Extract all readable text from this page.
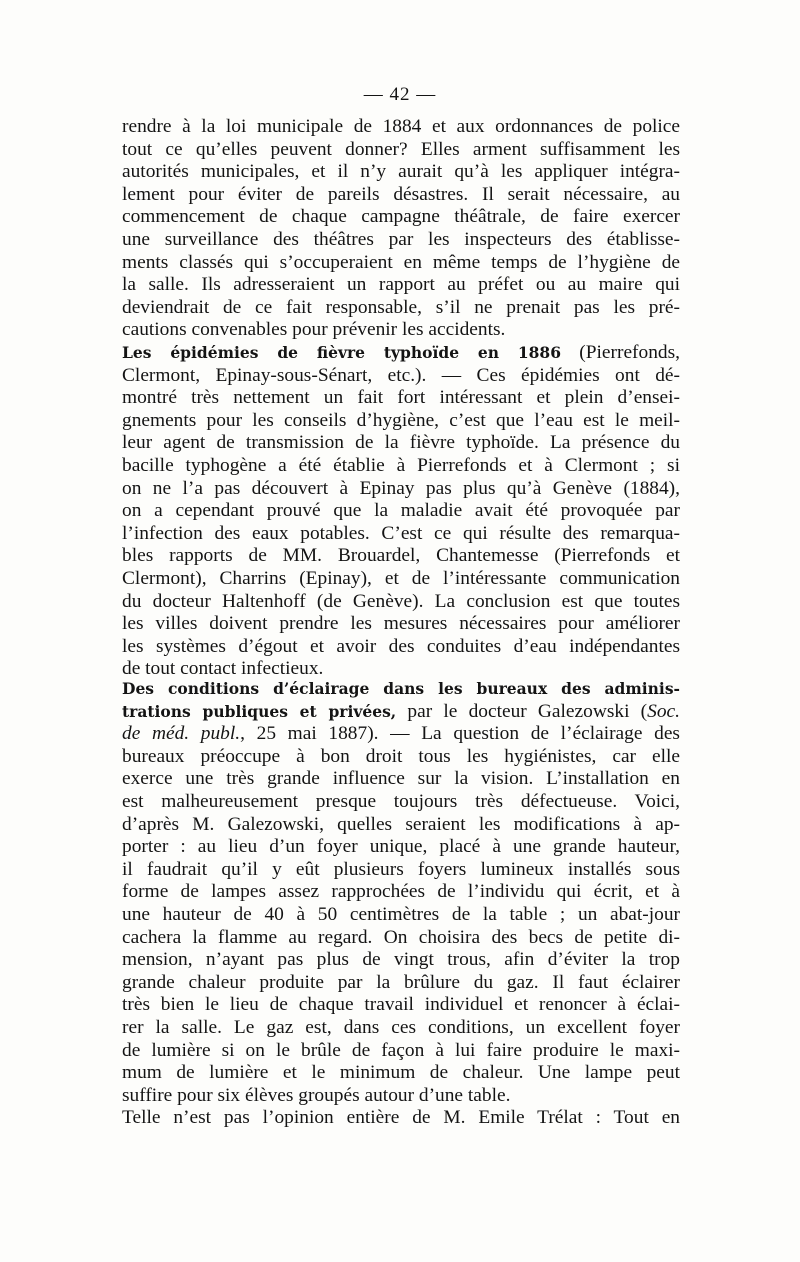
— 42 —
rendre à la loi municipale de 1884 et aux ordonnances de police
tout ce qu’elles peuvent donner? Elles arment suffisamment les
autorités municipales, et il n’y aurait qu’à les appliquer intégra-
lement pour éviter de pareils désastres. Il serait nécessaire, au
commencement de chaque campagne théâtrale, de faire exercer
une surveillance des théâtres par les inspecteurs des établisse-
ments classés qui s’occuperaient en même temps de l’hygiène de
la salle. Ils adresseraient un rapport au préfet ou au maire qui
deviendrait de ce fait responsable, s’il ne prenait pas les pré-
cautions convenables pour prévenir les accidents.
Les épidémies de fièvre typhoïde en 1886 (Pierrefonds,
Clermont, Epinay-sous-Sénart, etc.). — Ces épidémies ont dé-
montré très nettement un fait fort intéressant et plein d’ensei-
gnements pour les conseils d’hygiène, c’est que l’eau est le meil-
leur agent de transmission de la fièvre typhoïde. La présence du
bacille typhogène a été établie à Pierrefonds et à Clermont ; si
on ne l’a pas découvert à Epinay pas plus qu’à Genève (1884),
on a cependant prouvé que la maladie avait été provoquée par
l’infection des eaux potables. C’est ce qui résulte des remarqua-
bles rapports de MM. Brouardel, Chantemesse (Pierrefonds et
Clermont), Charrins (Epinay), et de l’intéressante communication
du docteur Haltenhoff (de Genève). La conclusion est que toutes
les villes doivent prendre les mesures nécessaires pour améliorer
les systèmes d’égout et avoir des conduites d’eau indépendantes
de tout contact infectieux.
Des conditions d’éclairage dans les bureaux des adminis-
trations publiques et privées, par le docteur Galezowski (Soc.
de méd. publ., 25 mai 1887). — La question de l’éclairage des
bureaux préoccupe à bon droit tous les hygiénistes, car elle
exerce une très grande influence sur la vision. L’installation en
est malheureusement presque toujours très défectueuse. Voici,
d’après M. Galezowski, quelles seraient les modifications à ap-
porter : au lieu d’un foyer unique, placé à une grande hauteur,
il faudrait qu’il y eût plusieurs foyers lumineux installés sous
forme de lampes assez rapprochées de l’individu qui écrit, et à
une hauteur de 40 à 50 centimètres de la table ; un abat-jour
cachera la flamme au regard. On choisira des becs de petite di-
mension, n’ayant pas plus de vingt trous, afin d’éviter la trop
grande chaleur produite par la brûlure du gaz. Il faut éclairer
très bien le lieu de chaque travail individuel et renoncer à éclai-
rer la salle. Le gaz est, dans ces conditions, un excellent foyer
de lumière si on le brûle de façon à lui faire produire le maxi-
mum de lumière et le minimum de chaleur. Une lampe peut
suffire pour six élèves groupés autour d’une table.
Telle n’est pas l’opinion entière de M. Emile Trélat : Tout en
